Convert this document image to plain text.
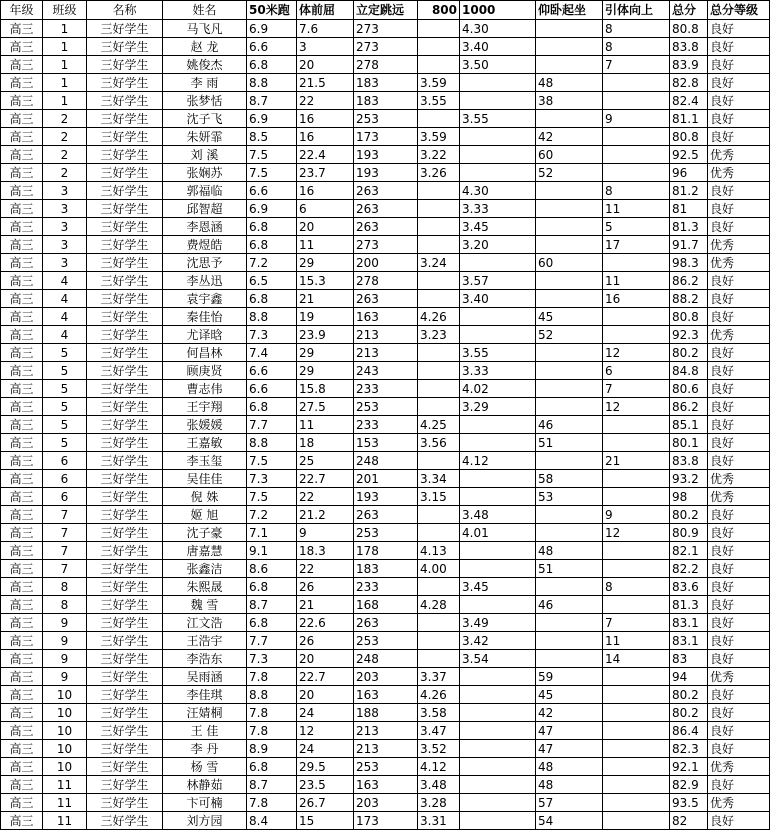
年级	班级	名称	姓名	50米跑	体前屈	立定跳远	800	1000	仰卧起坐	引体向上	总分	总分等级
高三	1	三好学生	马飞凡	6.9	7.6	273		4.30		8	80.8	良好
高三	1	三好学生	赵 龙	6.6	3	273		3.40		8	83.8	良好
高三	1	三好学生	姚俊杰	6.8	20	278		3.50		7	83.9	良好
高三	1	三好学生	李 雨	8.8	21.5	183	3.59		48		82.8	良好
高三	1	三好学生	张梦恬	8.7	22	183	3.55		38		82.4	良好
高三	2	三好学生	沈子飞	6.9	16	253		3.55		9	81.1	良好
高三	2	三好学生	朱妍霏	8.5	16	173	3.59		42		80.8	良好
高三	2	三好学生	刘 溪	7.5	22.4	193	3.22		60		92.5	优秀
高三	2	三好学生	张娴苏	7.5	23.7	193	3.26		52		96	优秀
高三	3	三好学生	郭福临	6.6	16	263		4.30		8	81.2	良好
高三	3	三好学生	邱智超	6.9	6	263		3.33		11	81	良好
高三	3	三好学生	李恩涵	6.8	20	263		3.45		5	81.3	良好
高三	3	三好学生	费煜皓	6.8	11	273		3.20		17	91.7	优秀
高三	3	三好学生	沈思予	7.2	29	200	3.24		60		98.3	优秀
高三	4	三好学生	李丛迅	6.5	15.3	278		3.57		11	86.2	良好
高三	4	三好学生	袁宇鑫	6.8	21	263		3.40		16	88.2	良好
高三	4	三好学生	秦佳怡	8.8	19	163	4.26		45		80.8	良好
高三	4	三好学生	尤译晗	7.3	23.9	213	3.23		52		92.3	优秀
高三	5	三好学生	何昌林	7.4	29	213		3.55		12	80.2	良好
高三	5	三好学生	顾庚贤	6.6	29	243		3.33		6	84.8	良好
高三	5	三好学生	曹志伟	6.6	15.8	233		4.02		7	80.6	良好
高三	5	三好学生	王宇翔	6.8	27.5	253		3.29		12	86.2	良好
高三	5	三好学生	张媛媛	7.7	11	233	4.25		46		85.1	良好
高三	5	三好学生	王嘉敏	8.8	18	153	3.56		51		80.1	良好
高三	6	三好学生	李玉玺	7.5	25	248		4.12		21	83.8	良好
高三	6	三好学生	吴佳佳	7.3	22.7	201	3.34		58		93.2	优秀
高三	6	三好学生	倪 姝	7.5	22	193	3.15		53		98	优秀
高三	7	三好学生	姬 旭	7.2	21.2	263		3.48		9	80.2	良好
高三	7	三好学生	沈子豪	7.1	9	253		4.01		12	80.9	良好
高三	7	三好学生	唐嘉慧	9.1	18.3	178	4.13		48		82.1	良好
高三	7	三好学生	张鑫洁	8.6	22	183	4.00		51		82.2	良好
高三	8	三好学生	朱熙晟	6.8	26	233		3.45		8	83.6	良好
高三	8	三好学生	魏 雪	8.7	21	168	4.28		46		81.3	良好
高三	9	三好学生	江文浩	6.8	22.6	263		3.49		7	83.1	良好
高三	9	三好学生	王浩宇	7.7	26	253		3.42		11	83.1	良好
高三	9	三好学生	李浩东	7.3	20	248		3.54		14	83	良好
高三	9	三好学生	吴雨涵	7.8	22.7	203	3.37		59		94	优秀
高三	10	三好学生	李佳琪	8.8	20	163	4.26		45		80.2	良好
高三	10	三好学生	汪婧桐	7.8	24	188	3.58		42		80.2	良好
高三	10	三好学生	王 佳	7.8	12	213	3.47		47		86.4	良好
高三	10	三好学生	李 丹	8.9	24	213	3.52		47		82.3	良好
高三	10	三好学生	杨 雪	6.8	29.5	253	4.12		48		92.1	优秀
高三	11	三好学生	林静茹	8.7	23.5	163	3.48		48		82.9	良好
高三	11	三好学生	卞可楠	7.8	26.7	203	3.28		57		93.5	优秀
高三	11	三好学生	刘方园	8.4	15	173	3.31		54		82	良好
